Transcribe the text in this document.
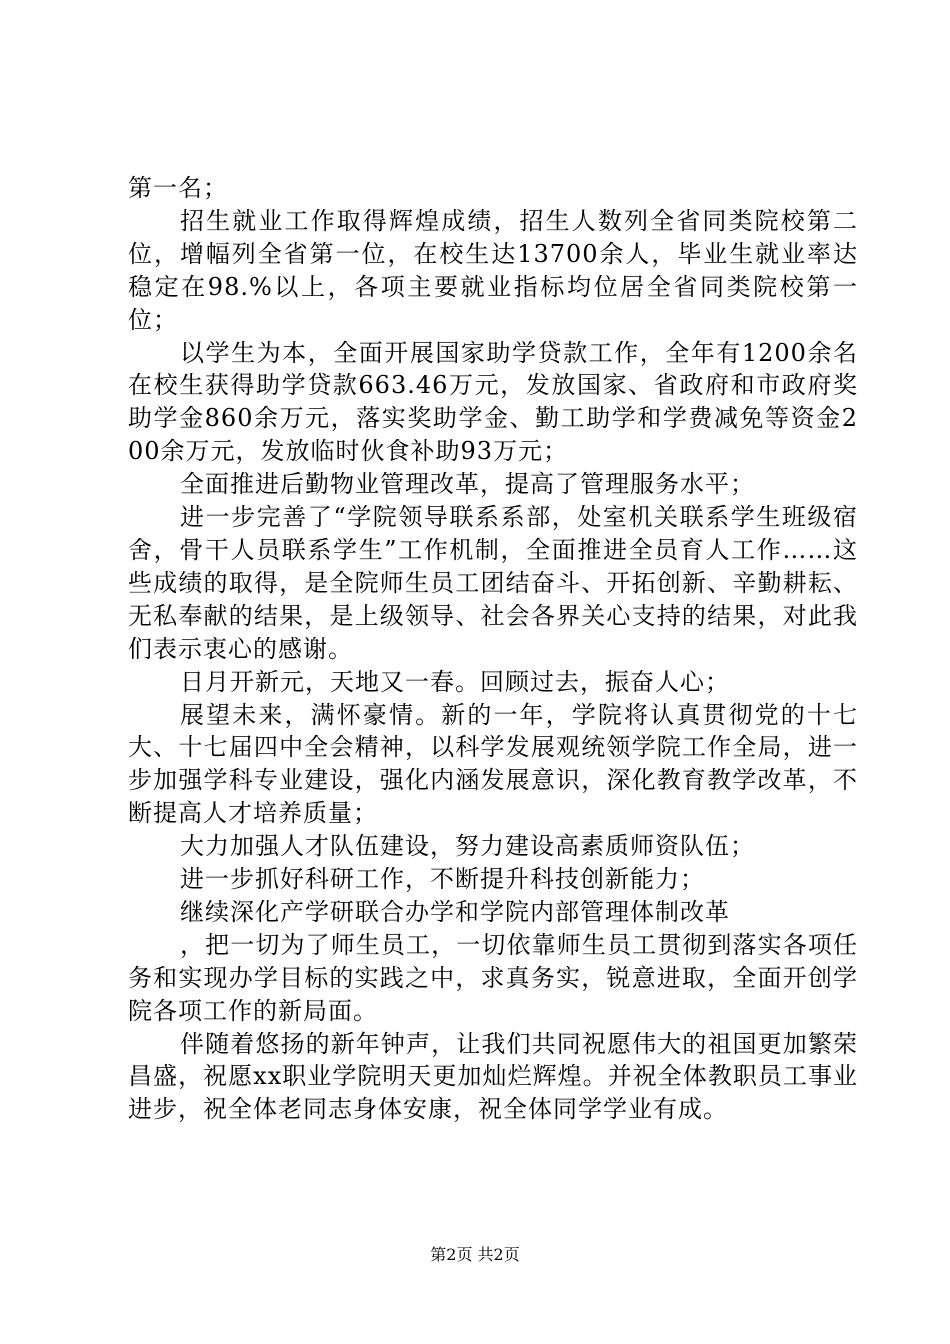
第一名；

招生就业工作取得辉煌成绩，招生人数列全省同类院校第二位，增幅列全省第一位，在校生达13700余人，毕业生就业率达稳定在98.%以上，各项主要就业指标均位居全省同类院校第一位；

以学生为本，全面开展国家助学贷款工作，全年有1200余名在校生获得助学贷款663.46万元，发放国家、省政府和市政府奖助学金860余万元，落实奖助学金、勤工助学和学费减免等资金200余万元，发放临时伙食补助93万元；

全面推进后勤物业管理改革，提高了管理服务水平；

进一步完善了“学院领导联系系部，处室机关联系学生班级宿舍，骨干人员联系学生”工作机制，全面推进全员育人工作……这些成绩的取得，是全院师生员工团结奋斗、开拓创新、辛勤耕耘、无私奉献的结果，是上级领导、社会各界关心支持的结果，对此我们表示衷心的感谢。

日月开新元，天地又一春。回顾过去，振奋人心；

展望未来，满怀豪情。新的一年，学院将认真贯彻党的十七大、十七届四中全会精神，以科学发展观统领学院工作全局，进一步加强学科专业建设，强化内涵发展意识，深化教育教学改革，不断提高人才培养质量；

大力加强人才队伍建设，努力建设高素质师资队伍；

进一步抓好科研工作，不断提升科技创新能力；

继续深化产学研联合办学和学院内部管理体制改革

，把一切为了师生员工，一切依靠师生员工贯彻到落实各项任务和实现办学目标的实践之中，求真务实，锐意进取，全面开创学院各项工作的新局面。

伴随着悠扬的新年钟声，让我们共同祝愿伟大的祖国更加繁荣昌盛，祝愿xx职业学院明天更加灿烂辉煌。并祝全体教职员工事业进步，祝全体老同志身体安康，祝全体同学学业有成。

第2页 共2页
